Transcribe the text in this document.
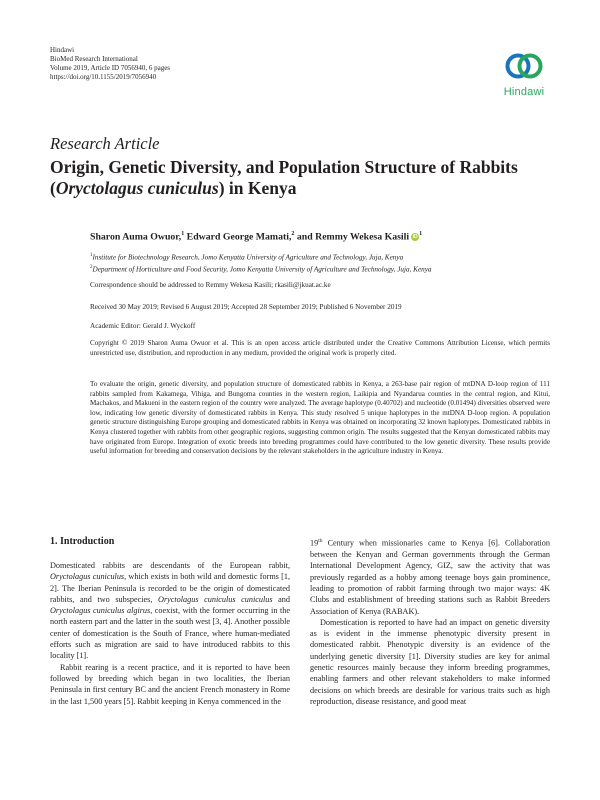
Hindawi
BioMed Research International
Volume 2019, Article ID 7056940, 6 pages
https://doi.org/10.1155/2019/7056940
Hindawi
Research Article
Origin, Genetic Diversity, and Population Structure of Rabbits
(Oryctolagus cuniculus) in Kenya
Sharon Auma Owuor,$^1$ Edward George Mamati,$^2$ and Remmy Wekesa Kasili $iD^1$
$^1$Institute for Biotechnology Research, Jomo Kenyatta University of Agriculture and Technology, Juja, Kenya
$^2$Department of Horticulture and Food Security, Jomo Kenyatta University of Agriculture and Technology, Juja, Kenya
Correspondence should be addressed to Remmy Wekesa Kasili; rkasili@jkuat.ac.ke
Received 30 May 2019; Revised 6 August 2019; Accepted 28 September 2019; Published 6 November 2019
Academic Editor: Gerald J. Wyckoff
Copyright © 2019 Sharon Auma Owuor et al. This is an open access article distributed under the Creative Commons Attribution License, which permits unrestricted use, distribution, and reproduction in any medium, provided the original work is properly cited.
To evaluate the origin, genetic diversity, and population structure of domesticated rabbits in Kenya, a 263-base pair region of mtDNA D-loop region of 111 rabbits sampled from Kakamega, Vihiga, and Bungoma counties in the western region, Laikipia and Nyandarua counties in the central region, and Kitui, Machakos, and Makueni in the eastern region of the country were analyzed. The average haplotype (0.40702) and nucleotide (0.01494) diversities observed were low, indicating low genetic diversity of domesticated rabbits in Kenya. This study resolved 5 unique haplotypes in the mtDNA D-loop region. A population genetic structure distinguishing Europe grouping and domesticated rabbits in Kenya was obtained on incorporating 32 known haplotypes. Domesticated rabbits in Kenya clustered together with rabbits from other geographic regions, suggesting common origin. The results suggested that the Kenyan domesticated rabbits may have originated from Europe. Integration of exotic breeds into breeding programmes could have contributed to the low genetic diversity. These results provide useful information for breeding and conservation decisions by the relevant stakeholders in the agriculture industry in Kenya.
1. Introduction

Domesticated rabbits are descendants of the European rabbit, Oryctolagus cuniculus, which exists in both wild and domestic forms [1, 2]. The Iberian Peninsula is recorded to be the origin of domesticated rabbits, and two subspecies, Oryctolagus cuniculus cuniculus and Oryctolagus cuniculus algirus, coexist, with the former occurring in the north eastern part and the latter in the south west [3, 4]. Another possible center of domestication is the South of France, where human-mediated efforts such as migration are said to have introduced rabbits to this locality [1].

Rabbit rearing is a recent practice, and it is reported to have been followed by breeding which began in two localities, the Iberian Peninsula in first century BC and the ancient French monastery in Rome in the last 1,500 years [5]. Rabbit keeping in Kenya commenced in the

19th Century when missionaries came to Kenya [6]. Collaboration between the Kenyan and German governments through the German International Development Agency, GIZ, saw the activity that was previously regarded as a hobby among teenage boys gain prominence, leading to promotion of rabbit farming through two major ways: 4K Clubs and establishment of breeding stations such as Rabbit Breeders Association of Kenya (RABAK).

Domestication is reported to have had an impact on genetic diversity as is evident in the immense phenotypic diversity present in domesticated rabbit. Phenotypic diversity is an evidence of the underlying genetic diversity [1]. Diversity studies are key for animal genetic resources mainly because they inform breeding programmes, enabling farmers and other relevant stakeholders to make informed decisions on which breeds are desirable for various traits such as high reproduction, disease resistance, and good meat
